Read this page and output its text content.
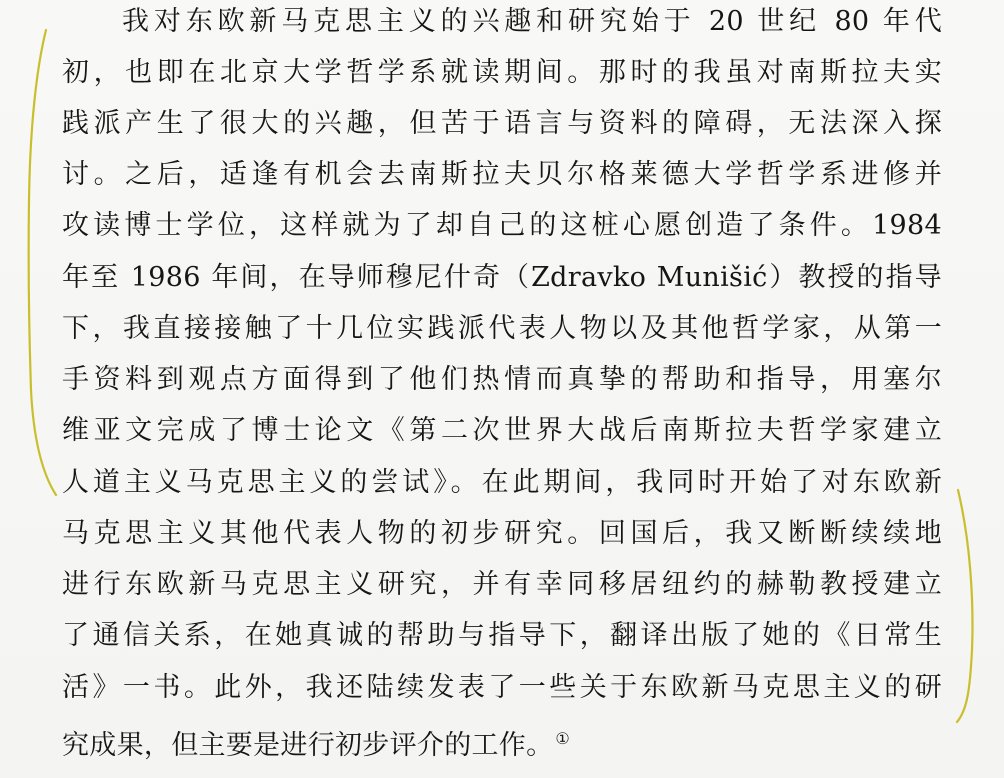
我对东欧新马克思主义的兴趣和研究始于 20 世纪 80 年代
初，也即在北京大学哲学系就读期间。那时的我虽对南斯拉夫实
践派产生了很大的兴趣，但苦于语言与资料的障碍，无法深入探
讨。之后，适逢有机会去南斯拉夫贝尔格莱德大学哲学系进修并
攻读博士学位，这样就为了却自己的这桩心愿创造了条件。1984
年至 1986 年间，在导师穆尼什奇（Zdravko Munišić）教授的指导
下，我直接接触了十几位实践派代表人物以及其他哲学家，从第一
手资料到观点方面得到了他们热情而真挚的帮助和指导，用塞尔
维亚文完成了博士论文《第二次世界大战后南斯拉夫哲学家建立
人道主义马克思主义的尝试》。在此期间，我同时开始了对东欧新
马克思主义其他代表人物的初步研究。回国后，我又断断续续地
进行东欧新马克思主义研究，并有幸同移居纽约的赫勒教授建立
了通信关系，在她真诚的帮助与指导下，翻译出版了她的《日常生
活》一书。此外，我还陆续发表了一些关于东欧新马克思主义的研
究成果，但主要是进行初步评介的工作。 ①
